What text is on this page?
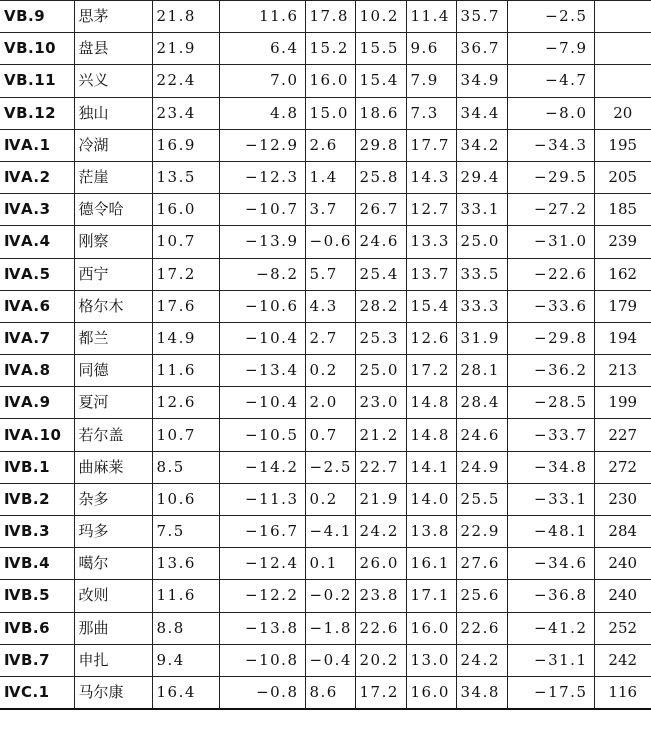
VB.9	思茅	21.8	11.6	17.8	10.2	11.4	35.7	−2.5	
VB.10	盘县	21.9	6.4	15.2	15.5	9.6	36.7	−7.9	
VB.11	兴义	22.4	7.0	16.0	15.4	7.9	34.9	−4.7	
VB.12	独山	23.4	4.8	15.0	18.6	7.3	34.4	−8.0	20
ⅣA.1	冷湖	16.9	−12.9	2.6	29.8	17.7	34.2	−34.3	195
ⅣA.2	茫崖	13.5	−12.3	1.4	25.8	14.3	29.4	−29.5	205
ⅣA.3	德令哈	16.0	−10.7	3.7	26.7	12.7	33.1	−27.2	185
ⅣA.4	刚察	10.7	−13.9	−0.6	24.6	13.3	25.0	−31.0	239
ⅣA.5	西宁	17.2	−8.2	5.7	25.4	13.7	33.5	−22.6	162
ⅣA.6	格尔木	17.6	−10.6	4.3	28.2	15.4	33.3	−33.6	179
ⅣA.7	都兰	14.9	−10.4	2.7	25.3	12.6	31.9	−29.8	194
ⅣA.8	同德	11.6	−13.4	0.2	25.0	17.2	28.1	−36.2	213
ⅣA.9	夏河	12.6	−10.4	2.0	23.0	14.8	28.4	−28.5	199
ⅣA.10	若尔盖	10.7	−10.5	0.7	21.2	14.8	24.6	−33.7	227
ⅣB.1	曲麻莱	8.5	−14.2	−2.5	22.7	14.1	24.9	−34.8	272
ⅣB.2	杂多	10.6	−11.3	0.2	21.9	14.0	25.5	−33.1	230
ⅣB.3	玛多	7.5	−16.7	−4.1	24.2	13.8	22.9	−48.1	284
ⅣB.4	噶尔	13.6	−12.4	0.1	26.0	16.1	27.6	−34.6	240
ⅣB.5	改则	11.6	−12.2	−0.2	23.8	17.1	25.6	−36.8	240
ⅣB.6	那曲	8.8	−13.8	−1.8	22.6	16.0	22.6	−41.2	252
ⅣB.7	申扎	9.4	−10.8	−0.4	20.2	13.0	24.2	−31.1	242
ⅣC.1	马尔康	16.4	−0.8	8.6	17.2	16.0	34.8	−17.5	116
